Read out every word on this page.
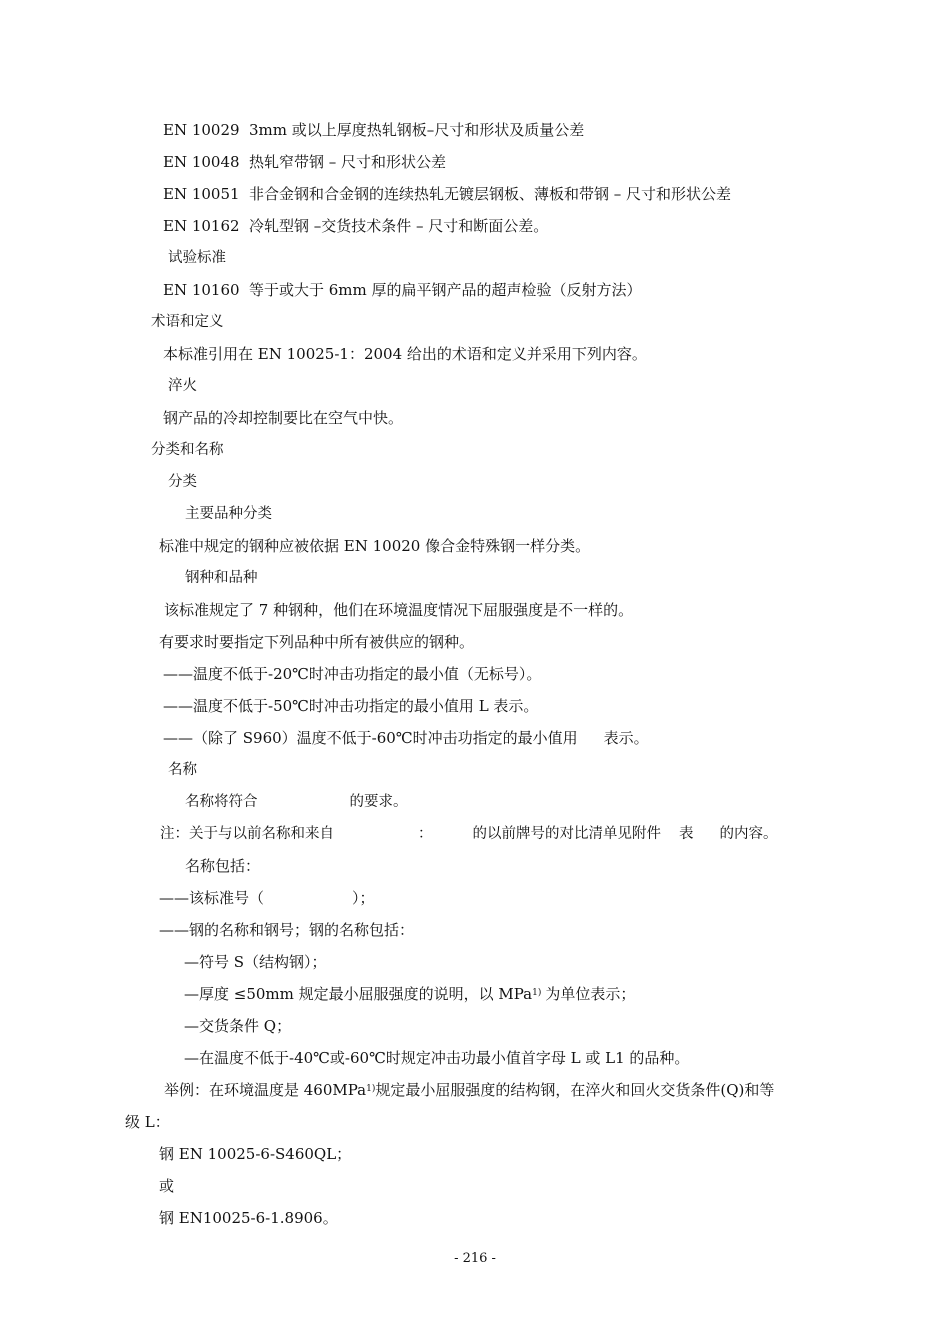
EN 10029 3mm 或以上厚度热轧钢板–尺寸和形状及质量公差
EN 10048 热轧窄带钢 – 尺寸和形状公差
EN 10051 非合金钢和合金钢的连续热轧无镀层钢板、薄板和带钢 – 尺寸和形状公差
EN 10162 冷轧型钢 –交货技术条件 – 尺寸和断面公差。
试验标准
EN 10160 等于或大于 6mm 厚的扁平钢产品的超声检验（反射方法）
术语和定义
本标准引用在 EN 10025-1：2004 给出的术语和定义并采用下列内容。
淬火
钢产品的冷却控制要比在空气中快。
分类和名称
分类
主要品种分类
标准中规定的钢种应被依据 EN 10020 像合金特殊钢一样分类。
钢种和品种
该标准规定了 7 种钢种，他们在环境温度情况下屈服强度是不一样的。
有要求时要指定下列品种中所有被供应的钢种。
——温度不低于-20℃时冲击功指定的最小值（无标号）。
——温度不低于-50℃时冲击功指定的最小值用 L 表示。
——（除了 S960）温度不低于-60℃时冲击功指定的最小值用 表示。
名称
名称将符合	的要求。
注：关于与以前名称和来自	：	的以前牌号的对比清单见附件 表 的内容。
名称包括：
——该标准号（	）；
——钢的名称和钢号；钢的名称包括：
—符号 S（结构钢）；
—厚度 ≤50mm 规定最小屈服强度的说明，以 MPa$^{1)}$ 为单位表示；
—交货条件 Q；
—在温度不低于-40℃或-60℃时规定冲击功最小值首字母 L 或 L1 的品种。
举例：在环境温度是 460MPa$^{1)}$规定最小屈服强度的结构钢，在淬火和回火交货条件(Q)和等
级 L：
钢 EN 10025-6-S460QL；
或
钢 EN10025-6-1.8906。
- 216 -
